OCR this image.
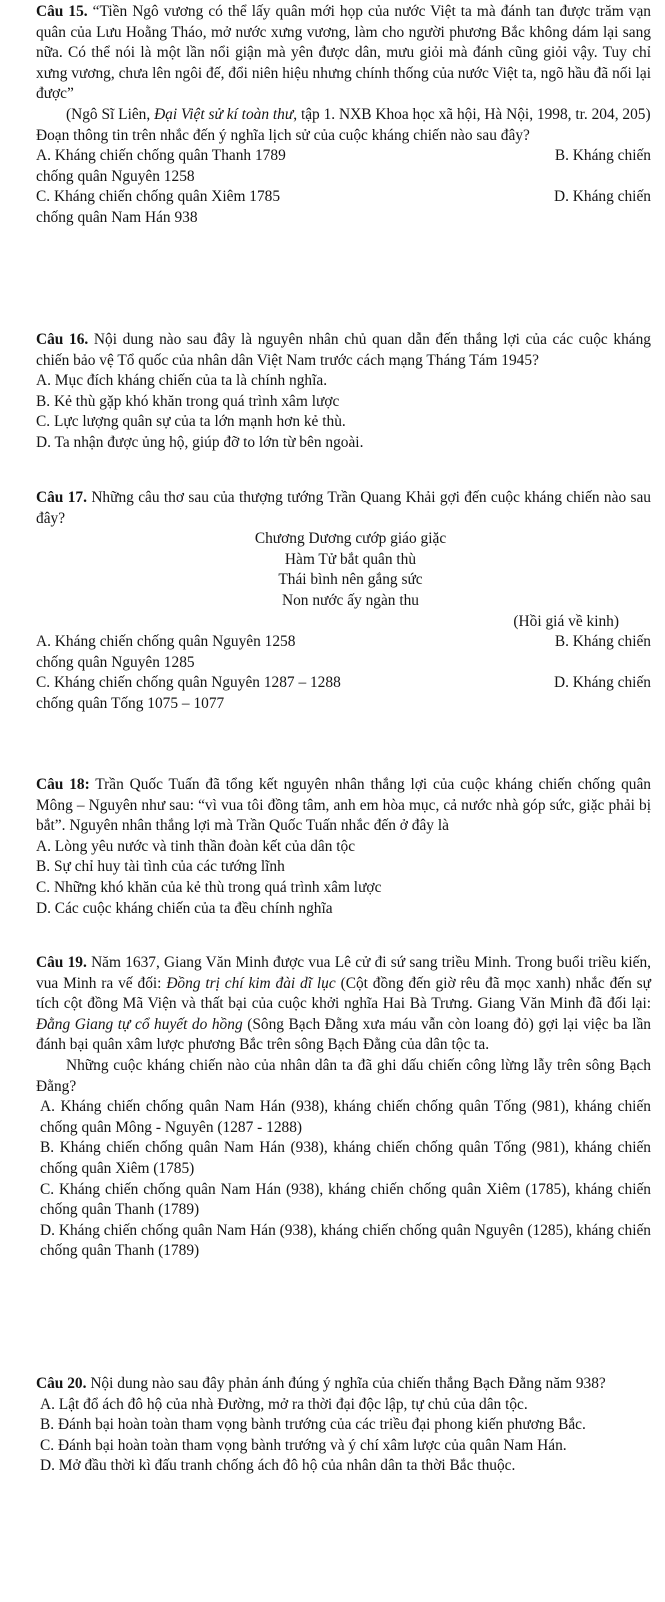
Câu 15. “Tiền Ngô vương có thể lấy quân mới họp của nước Việt ta mà đánh tan được trăm vạn quân của Lưu Hoằng Tháo, mở nước xưng vương, làm cho người phương Bắc không dám lại sang nữa. Có thể nói là một lần nổi giận mà yên được dân, mưu giỏi mà đánh cũng giỏi vậy. Tuy chỉ xưng vương, chưa lên ngôi đế, đổi niên hiệu nhưng chính thống của nước Việt ta, ngõ hầu đã nối lại được”

(Ngô Sĩ Liên, Đại Việt sử kí toàn thư, tập 1. NXB Khoa học xã hội, Hà Nội, 1998, tr. 204, 205)

Đoạn thông tin trên nhắc đến ý nghĩa lịch sử của cuộc kháng chiến nào sau đây?

A. Kháng chiến chống quân Thanh 1789	B. Kháng chiến

chống quân Nguyên 1258

C. Kháng chiến chống quân Xiêm 1785	D. Kháng chiến

chống quân Nam Hán 938

Câu 16. Nội dung nào sau đây là nguyên nhân chủ quan dẫn đến thắng lợi của các cuộc kháng chiến bảo vệ Tổ quốc của nhân dân Việt Nam trước cách mạng Tháng Tám 1945?

A. Mục đích kháng chiến của ta là chính nghĩa.

B. Kẻ thù gặp khó khăn trong quá trình xâm lược

C. Lực lượng quân sự của ta lớn mạnh hơn kẻ thù.

D. Ta nhận được ủng hộ, giúp đỡ to lớn từ bên ngoài.

Câu 17. Những câu thơ sau của thượng tướng Trần Quang Khải gợi đến cuộc kháng chiến nào sau đây?

Chương Dương cướp giáo giặc

Hàm Tử bắt quân thù

Thái bình nên gắng sức

Non nước ấy ngàn thu

(Hồi giá về kinh)

A. Kháng chiến chống quân Nguyên 1258	B. Kháng chiến

chống quân Nguyên 1285

C. Kháng chiến chống quân Nguyên 1287 – 1288	D. Kháng chiến

chống quân Tống 1075 – 1077

Câu 18: Trần Quốc Tuấn đã tổng kết nguyên nhân thắng lợi của cuộc kháng chiến chống quân Mông – Nguyên như sau: “vì vua tôi đồng tâm, anh em hòa mục, cả nước nhà góp sức, giặc phải bị bắt”. Nguyên nhân thắng lợi mà Trần Quốc Tuấn nhắc đến ở đây là

A. Lòng yêu nước và tinh thần đoàn kết của dân tộc

B. Sự chỉ huy tài tình của các tướng lĩnh

C. Những khó khăn của kẻ thù trong quá trình xâm lược

D. Các cuộc kháng chiến của ta đều chính nghĩa

Câu 19. Năm 1637, Giang Văn Minh được vua Lê cử đi sứ sang triều Minh. Trong buổi triều kiến, vua Minh ra vế đối: Đồng trị chí kim đài dĩ lục (Cột đồng đến giờ rêu đã mọc xanh) nhắc đến sự tích cột đồng Mã Viện và thất bại của cuộc khởi nghĩa Hai Bà Trưng. Giang Văn Minh đã đối lại: Đằng Giang tự cổ huyết do hồng (Sông Bạch Đằng xưa máu vẫn còn loang đỏ) gợi lại việc ba lần đánh bại quân xâm lược phương Bắc trên sông Bạch Đằng của dân tộc ta.

Những cuộc kháng chiến nào của nhân dân ta đã ghi dấu chiến công lừng lẫy trên sông Bạch Đằng?

A. Kháng chiến chống quân Nam Hán (938), kháng chiến chống quân Tống (981), kháng chiến chống quân Mông - Nguyên (1287 - 1288)

B. Kháng chiến chống quân Nam Hán (938), kháng chiến chống quân Tống (981), kháng chiến chống quân Xiêm (1785)

C. Kháng chiến chống quân Nam Hán (938), kháng chiến chống quân Xiêm (1785), kháng chiến chống quân Thanh (1789)

D. Kháng chiến chống quân Nam Hán (938), kháng chiến chống quân Nguyên (1285), kháng chiến chống quân Thanh (1789)

Câu 20. Nội dung nào sau đây phản ánh đúng ý nghĩa của chiến thắng Bạch Đằng năm 938?

A. Lật đổ ách đô hộ của nhà Đường, mở ra thời đại độc lập, tự chủ của dân tộc.

B. Đánh bại hoàn toàn tham vọng bành trướng của các triều đại phong kiến phương Bắc.

C. Đánh bại hoàn toàn tham vọng bành trướng và ý chí xâm lược của quân Nam Hán.

D. Mở đầu thời kì đấu tranh chống ách đô hộ của nhân dân ta thời Bắc thuộc.
